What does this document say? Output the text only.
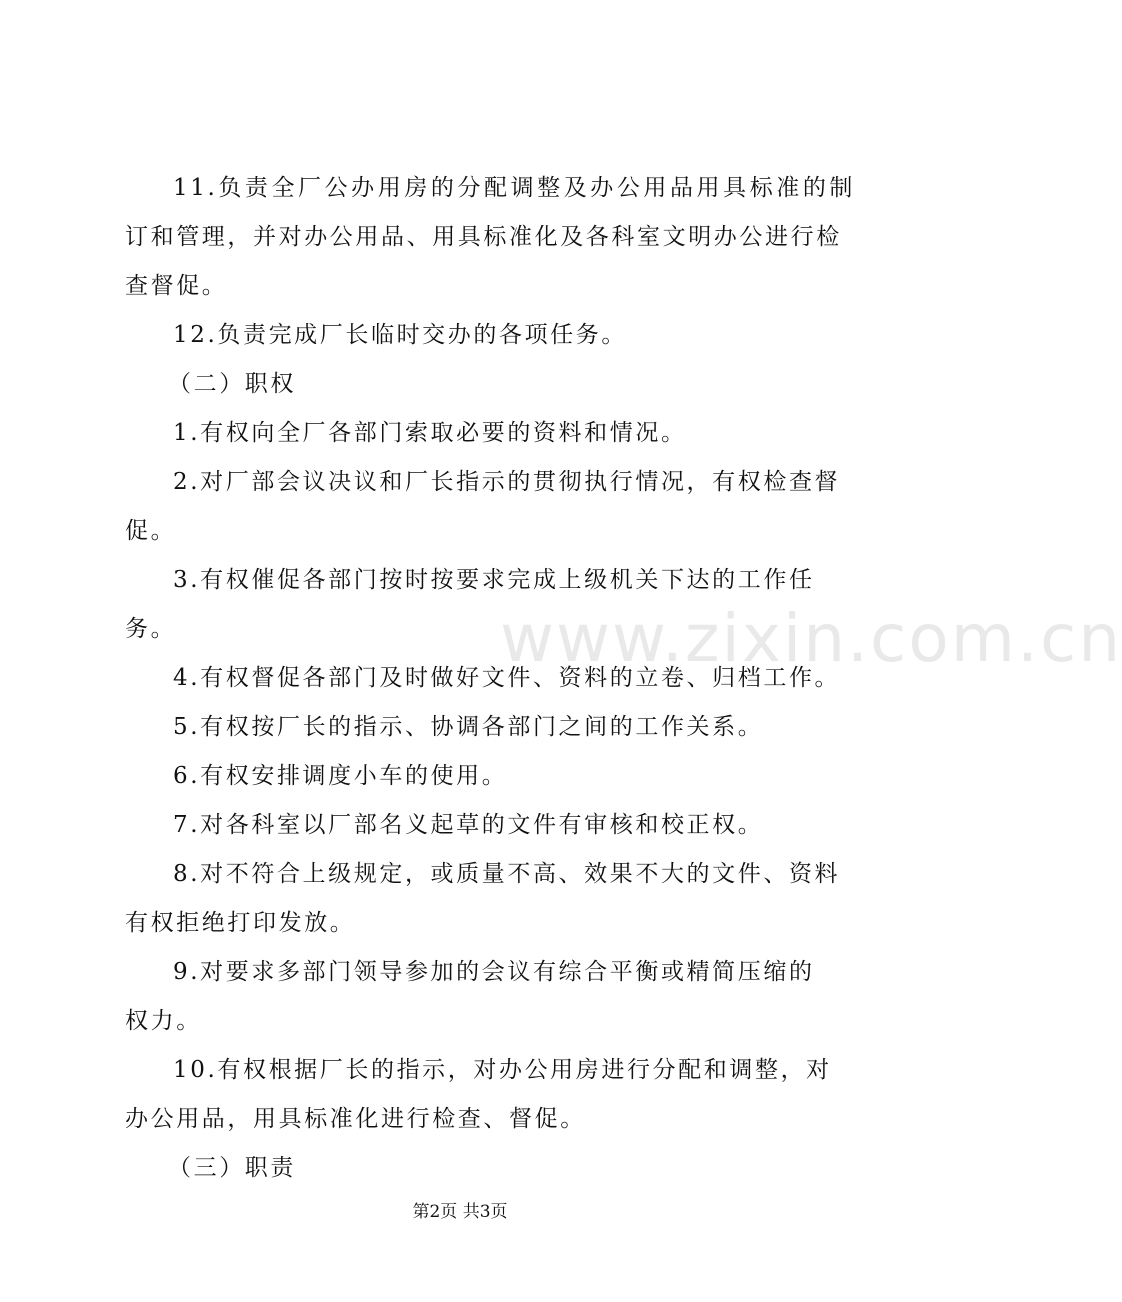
www.zixin.com.cn
11.负责全厂公办用房的分配调整及办公用品用具标准的制
订和管理，并对办公用品、用具标准化及各科室文明办公进行检
查督促。
12.负责完成厂长临时交办的各项任务。
（二）职权
1.有权向全厂各部门索取必要的资料和情况。
2.对厂部会议决议和厂长指示的贯彻执行情况，有权检查督
促。
3.有权催促各部门按时按要求完成上级机关下达的工作任
务。
4.有权督促各部门及时做好文件、资料的立卷、归档工作。
5.有权按厂长的指示、协调各部门之间的工作关系。
6.有权安排调度小车的使用。
7.对各科室以厂部名义起草的文件有审核和校正权。
8.对不符合上级规定，或质量不高、效果不大的文件、资料
有权拒绝打印发放。
9.对要求多部门领导参加的会议有综合平衡或精简压缩的
权力。
10.有权根据厂长的指示，对办公用房进行分配和调整，对
办公用品，用具标准化进行检查、督促。
（三）职责
第2页 共3页
